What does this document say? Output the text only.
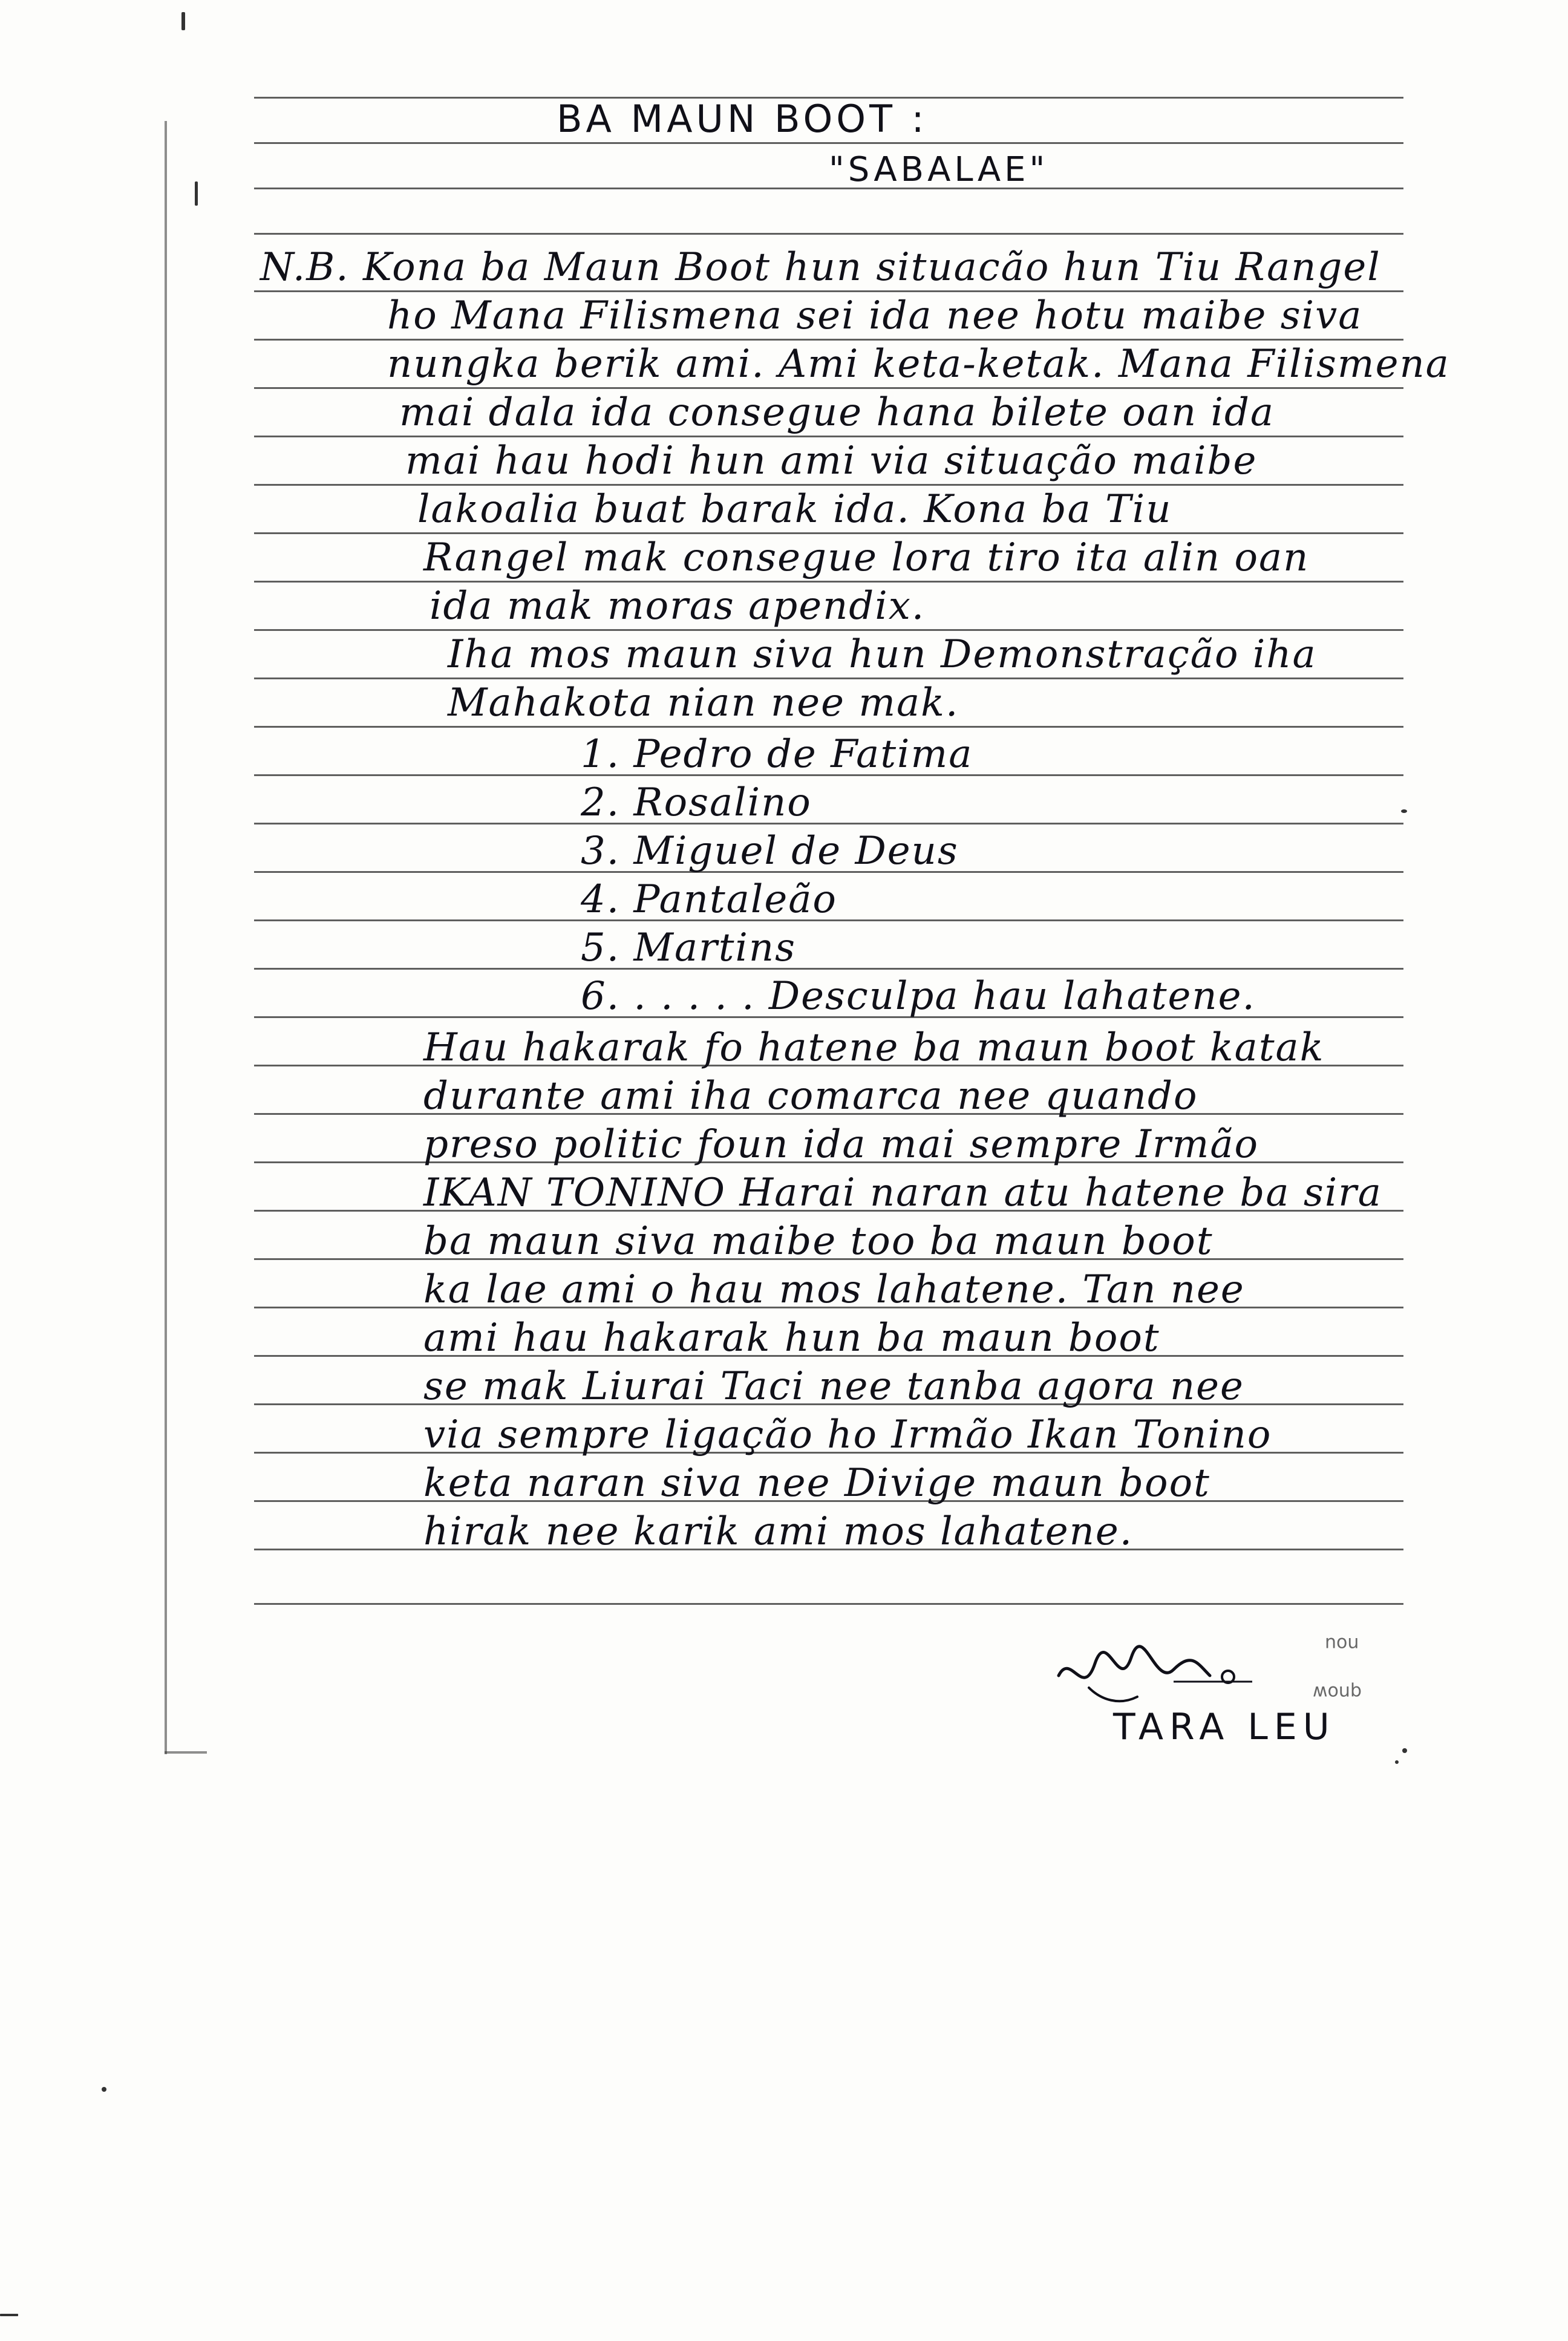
BA MAUN BOOT :
"SABALAE"
N.B. Kona ba Maun Boot hun situacão hun Tiu Rangel
ho Mana Filismena sei ida nee hotu maibe siva
nungka berik ami. Ami keta-ketak. Mana Filismena
mai dala ida consegue hana bilete oan ida
mai hau hodi hun ami via situação maibe
lakoalia buat barak ida. Kona ba Tiu
Rangel mak consegue lora tiro ita alin oan
ida mak moras apendix.
Iha mos maun siva hun Demonstração iha
Mahakota nian nee mak.
1. Pedro de Fatima
2. Rosalino
3. Miguel de Deus
4. Pantaleão
5. Martins
6. . . . . . Desculpa hau lahatene.
Hau hakarak fo hatene ba maun boot katak
durante ami iha comarca nee quando
preso politic foun ida mai sempre Irmão
IKAN TONINO Harai naran atu hatene ba sira
ba maun siva maibe too ba maun boot
ka lae ami o hau mos lahatene. Tan nee
ami hau hakarak hun ba maun boot
se mak Liurai Taci nee tanba agora nee
via sempre ligação ho Irmão Ikan Tonino
keta naran siva nee Divige maun boot
hirak nee karik ami mos lahatene.
TARA LEU
nou
qnow
